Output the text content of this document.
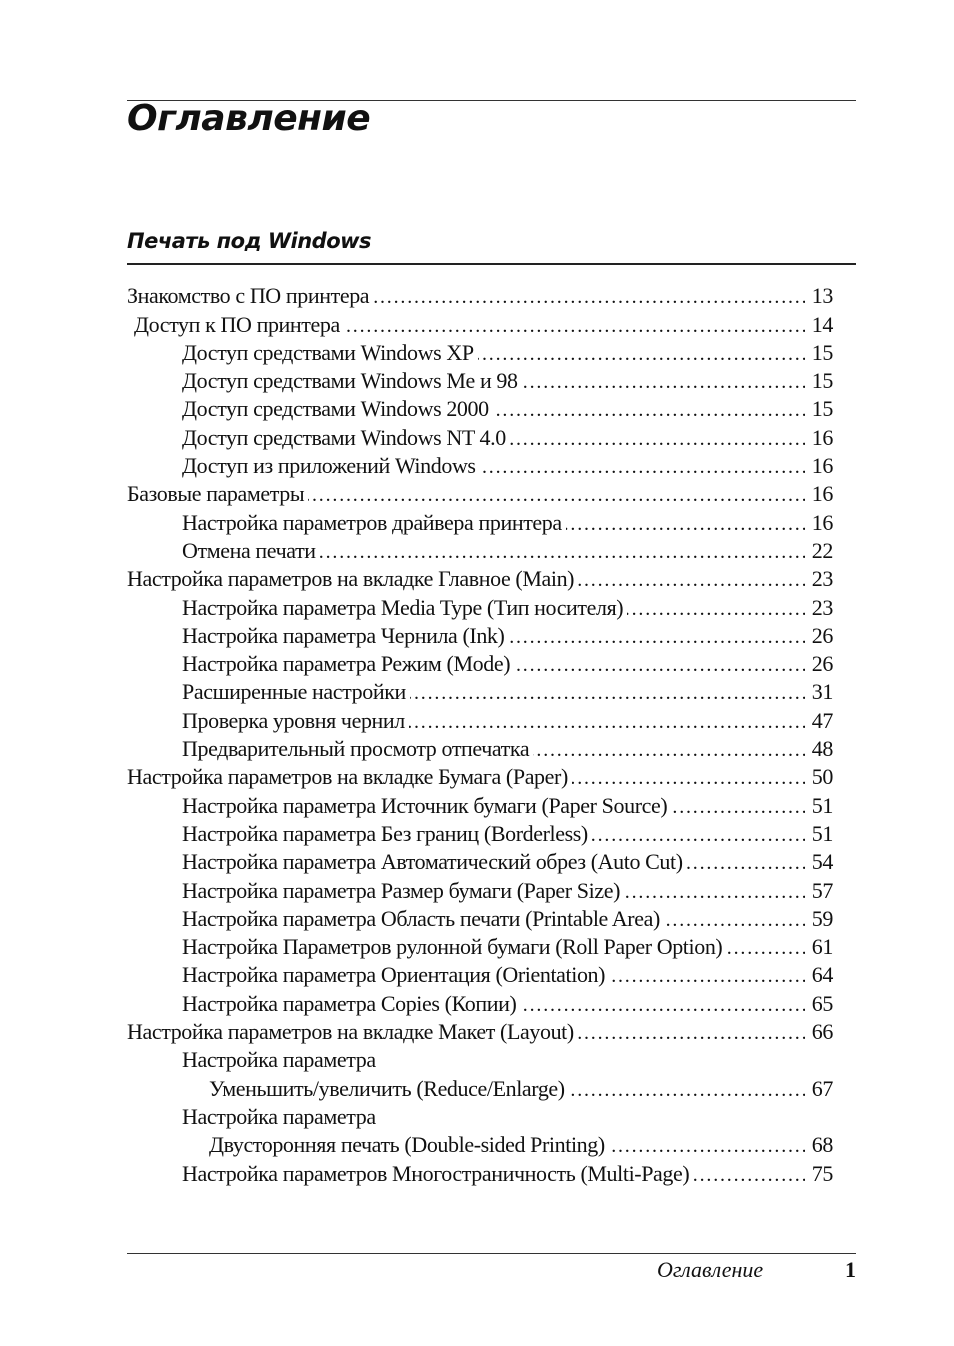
Оглавление
Печать под Windows
Знакомство с ПО принтера . . .	13
Доступ к ПО принтера . . .	14
Доступ средствами Windows XP . . .	15
Доступ средствами Windows Me и 98 . . .	15
Доступ средствами Windows 2000 . . .	15
Доступ средствами Windows NT 4.0 . . .	16
Доступ из приложений Windows . . .	16
Базовые параметры . . .	16
Настройка параметров драйвера принтера . . .	16
Отмена печати . . .	22
Настройка параметров на вкладке Главное (Main) . . .	23
Настройка параметра Media Type (Тип носителя) . . .	23
Настройка параметра Чернила (Ink) . . .	26
Настройка параметра Режим (Mode) . . .	26
Расширенные настройки . . .	31
Проверка уровня чернил . . .	47
Предварительный просмотр отпечатка . . .	48
Настройка параметров на вкладке Бумага (Paper) . . .	50
Настройка параметра Источник бумаги (Paper Source) . . .	51
Настройка параметра Без границ (Borderless) . . .	51
Настройка параметра Автоматический обрез (Auto Cut) . . .	54
Настройка параметра Размер бумаги (Paper Size) . . .	57
Настройка параметра Область печати (Printable Area) . . .	59
Настройка Параметров рулонной бумаги (Roll Paper Option) . . .	61
Настройка параметра Ориентация (Orientation) . . .	64
Настройка параметра Copies (Копии) . . .	65
Настройка параметров на вкладке Макет (Layout) . . .	66
Настройка параметра
Уменьшить/увеличить (Reduce/Enlarge) . . .	67
Настройка параметра
Двусторонняя печать (Double-sided Printing) . . .	68
Настройка параметров Многостраничность (Multi-Page) . . .	75
Оглавление	1
